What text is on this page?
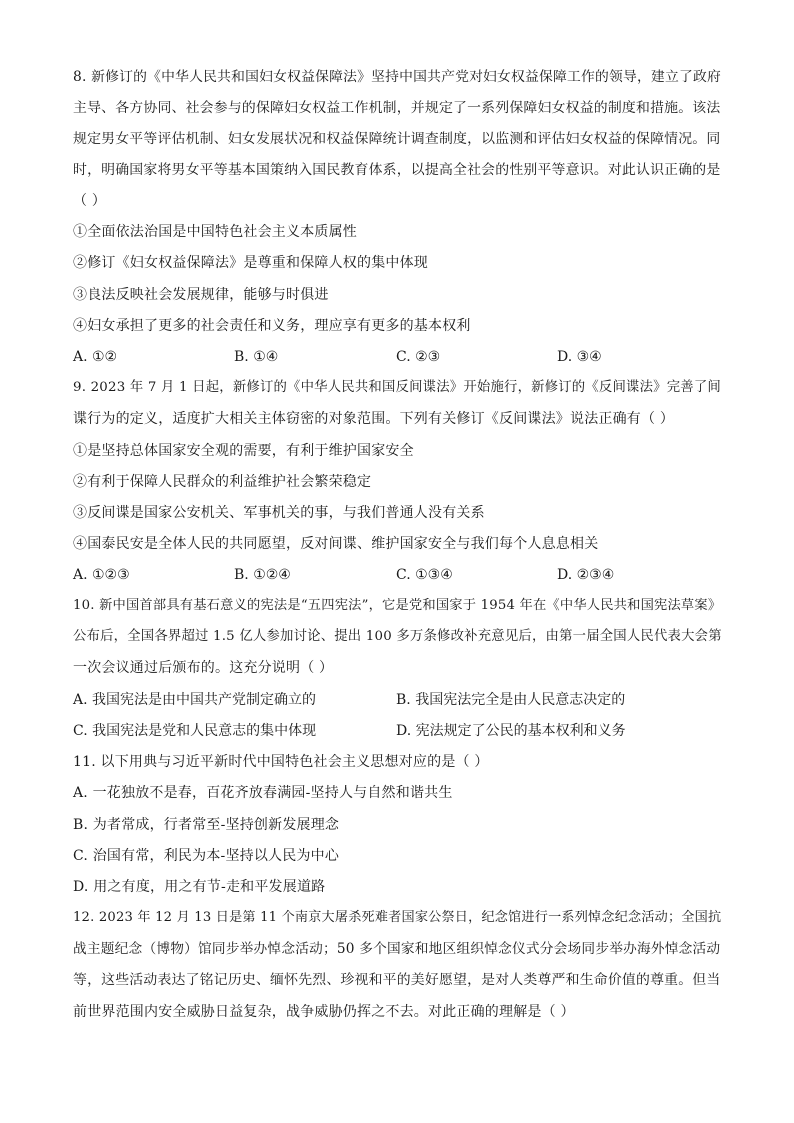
8. 新修订的《中华人民共和国妇女权益保障法》坚持中国共产党对妇女权益保障工作的领导，建立了政府
主导、各方协同、社会参与的保障妇女权益工作机制，并规定了一系列保障妇女权益的制度和措施。该法
规定男女平等评估机制、妇女发展状况和权益保障统计调查制度，以监测和评估妇女权益的保障情况。同
时，明确国家将男女平等基本国策纳入国民教育体系，以提高全社会的性别平等意识。对此认识正确的是
（ ）
①全面依法治国是中国特色社会主义本质属性
②修订《妇女权益保障法》是尊重和保障人权的集中体现
③良法反映社会发展规律，能够与时俱进
④妇女承担了更多的社会责任和义务，理应享有更多的基本权利
A. ①②	B. ①④	C. ②③	D. ③④
9. 2023 年 7 月 1 日起，新修订的《中华人民共和国反间谍法》开始施行，新修订的《反间谍法》完善了间
谍行为的定义，适度扩大相关主体窃密的对象范围。下列有关修订《反间谍法》说法正确有（ ）
①是坚持总体国家安全观的需要，有利于维护国家安全
②有利于保障人民群众的利益维护社会繁荣稳定
③反间谍是国家公安机关、军事机关的事，与我们普通人没有关系
④国泰民安是全体人民的共同愿望，反对间谍、维护国家安全与我们每个人息息相关
A. ①②③	B. ①②④	C. ①③④	D. ②③④
10. 新中国首部具有基石意义的宪法是“五四宪法”，它是党和国家于 1954 年在《中华人民共和国宪法草案》
公布后，全国各界超过 1.5 亿人参加讨论、提出 100 多万条修改补充意见后，由第一届全国人民代表大会第
一次会议通过后颁布的。这充分说明（ ）
A. 我国宪法是由中国共产党制定确立的	B. 我国宪法完全是由人民意志决定的
C. 我国宪法是党和人民意志的集中体现	D. 宪法规定了公民的基本权利和义务
11. 以下用典与习近平新时代中国特色社会主义思想对应的是（ ）
A. 一花独放不是春，百花齐放春满园-坚持人与自然和谐共生
B. 为者常成，行者常至-坚持创新发展理念
C. 治国有常，利民为本-坚持以人民为中心
D. 用之有度，用之有节-走和平发展道路
12. 2023 年 12 月 13 日是第 11 个南京大屠杀死难者国家公祭日，纪念馆进行一系列悼念纪念活动；全国抗
战主题纪念（博物）馆同步举办悼念活动；50 多个国家和地区组织悼念仪式分会场同步举办海外悼念活动
等，这些活动表达了铭记历史、缅怀先烈、珍视和平的美好愿望，是对人类尊严和生命价值的尊重。但当
前世界范围内安全威胁日益复杂，战争威胁仍挥之不去。对此正确的理解是（ ）
